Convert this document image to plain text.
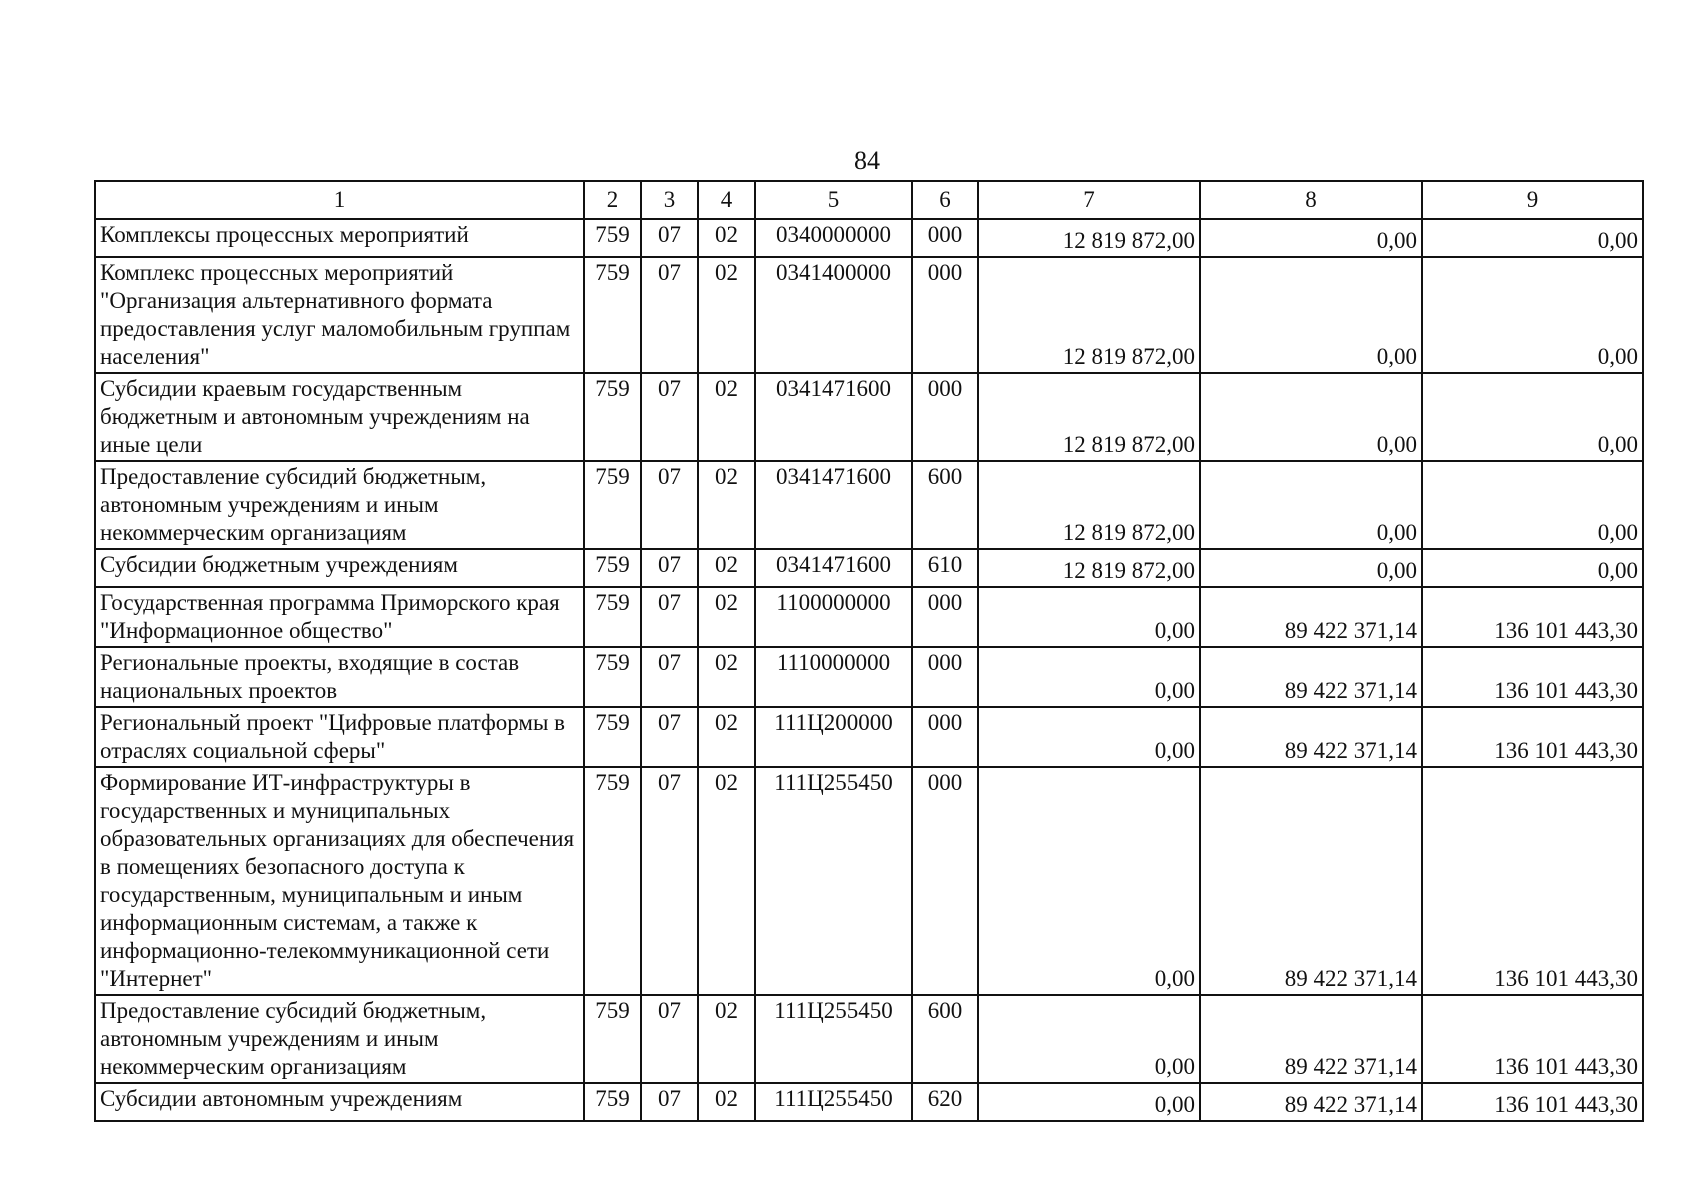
84
1	2	3	4	5	6	7	8	9
Комплексы процессных мероприятий	759	07	02	0340000000	000	12 819 872,00	0,00	0,00
Комплекс процессных мероприятий "Организация альтернативного формата предоставления услуг маломобильным группам населения"	759	07	02	0341400000	000	12 819 872,00	0,00	0,00
Субсидии краевым государственным бюджетным и автономным учреждениям на иные цели	759	07	02	0341471600	000	12 819 872,00	0,00	0,00
Предоставление субсидий бюджетным, автономным учреждениям и иным некоммерческим организациям	759	07	02	0341471600	600	12 819 872,00	0,00	0,00
Субсидии бюджетным учреждениям	759	07	02	0341471600	610	12 819 872,00	0,00	0,00
Государственная программа Приморского края "Информационное общество"	759	07	02	1100000000	000	0,00	89 422 371,14	136 101 443,30
Региональные проекты, входящие в состав национальных проектов	759	07	02	1110000000	000	0,00	89 422 371,14	136 101 443,30
Региональный проект "Цифровые платформы в отраслях социальной сферы"	759	07	02	111Ц200000	000	0,00	89 422 371,14	136 101 443,30
Формирование ИТ-инфраструктуры в государственных и муниципальных образовательных организациях для обеспечения в помещениях безопасного доступа к государственным, муниципальным и иным информационным системам, а также к информационно-телекоммуникационной сети "Интернет"	759	07	02	111Ц255450	000	0,00	89 422 371,14	136 101 443,30
Предоставление субсидий бюджетным, автономным учреждениям и иным некоммерческим организациям	759	07	02	111Ц255450	600	0,00	89 422 371,14	136 101 443,30
Субсидии автономным учреждениям	759	07	02	111Ц255450	620	0,00	89 422 371,14	136 101 443,30
